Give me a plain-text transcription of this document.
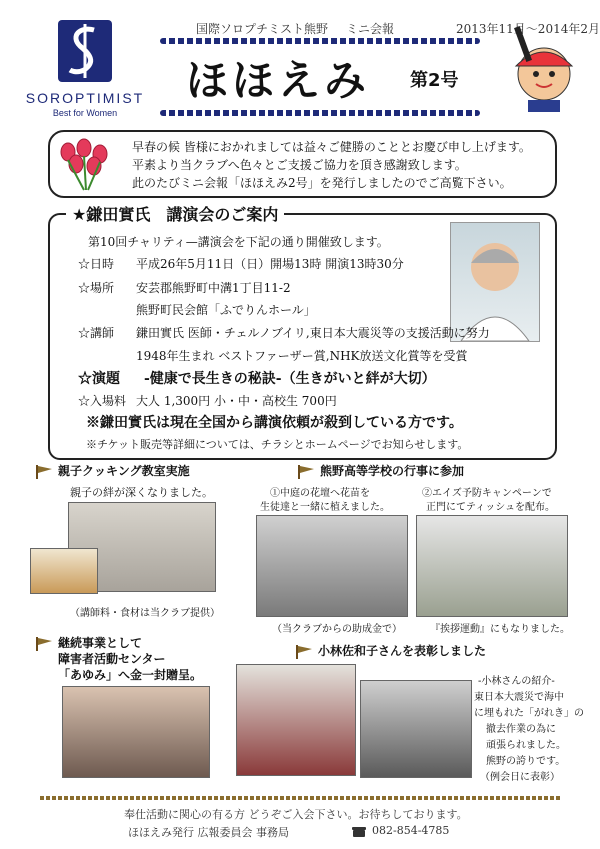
SOROPTIMIST
Best for Women
国際ソロプチミスト熊野 ミニ会報	2013年11月～2014年2月
ほほえみ 第2号
早春の候 皆様におかれましては益々ご健勝のこととお慶び申し上げます。
平素より当クラブへ色々とご支援ご協力を頂き感謝致します。
此のたびミニ会報「ほほえみ2号」を発行しましたのでご高覧下さい。
★鎌田實氏　講演会のご案内
第10回チャリティ—講演会を下記の通り開催致します。
☆日時 平成26年5月11日（日）開場13時 開演13時30分
☆場所 安芸郡熊野町中溝1丁目11-2
熊野町民会館「ふでりんホール」
☆講師 鎌田實氏 医師・チェルノブイリ,東日本大震災等の支援活動に努力
1948年生まれ ベストファーザー賞,NHK放送文化賞等を受賞
☆演題 -健康で長生きの秘訣-（生きがいと絆が大切）
☆入場料 大人 1,300円 小・中・高校生 700円
※鎌田實氏は現在全国から講演依頼が殺到している方です。
※チケット販売等詳細については、チラシとホームページでお知らせします。
親子クッキング教室実施
親子の絆が深くなりました。
（講師料・食材は当クラブ提供）
熊野高等学校の行事に参加
①中庭の花壇へ花苗を
生徒達と一緒に植えました。
②エイズ予防キャンペーンで
正門にてティッシュを配布。
（当クラブからの助成金で）	『挨拶運動』にもなりました。
継続事業として
障害者活動センター
「あゆみ」へ金一封贈呈。
小林佐和子さんを表彰しました
-小林さんの紹介-
東日本大震災で海中
に埋もれた「がれき」の
撤去作業の為に
頑張られました。
熊野の誇りです。
（例会日に表彰）
奉仕活動に関心の有る方 どうぞご入会下さい。お待ちしております。
ほほえみ発行 広報委員会 事務局	082-854-4785
